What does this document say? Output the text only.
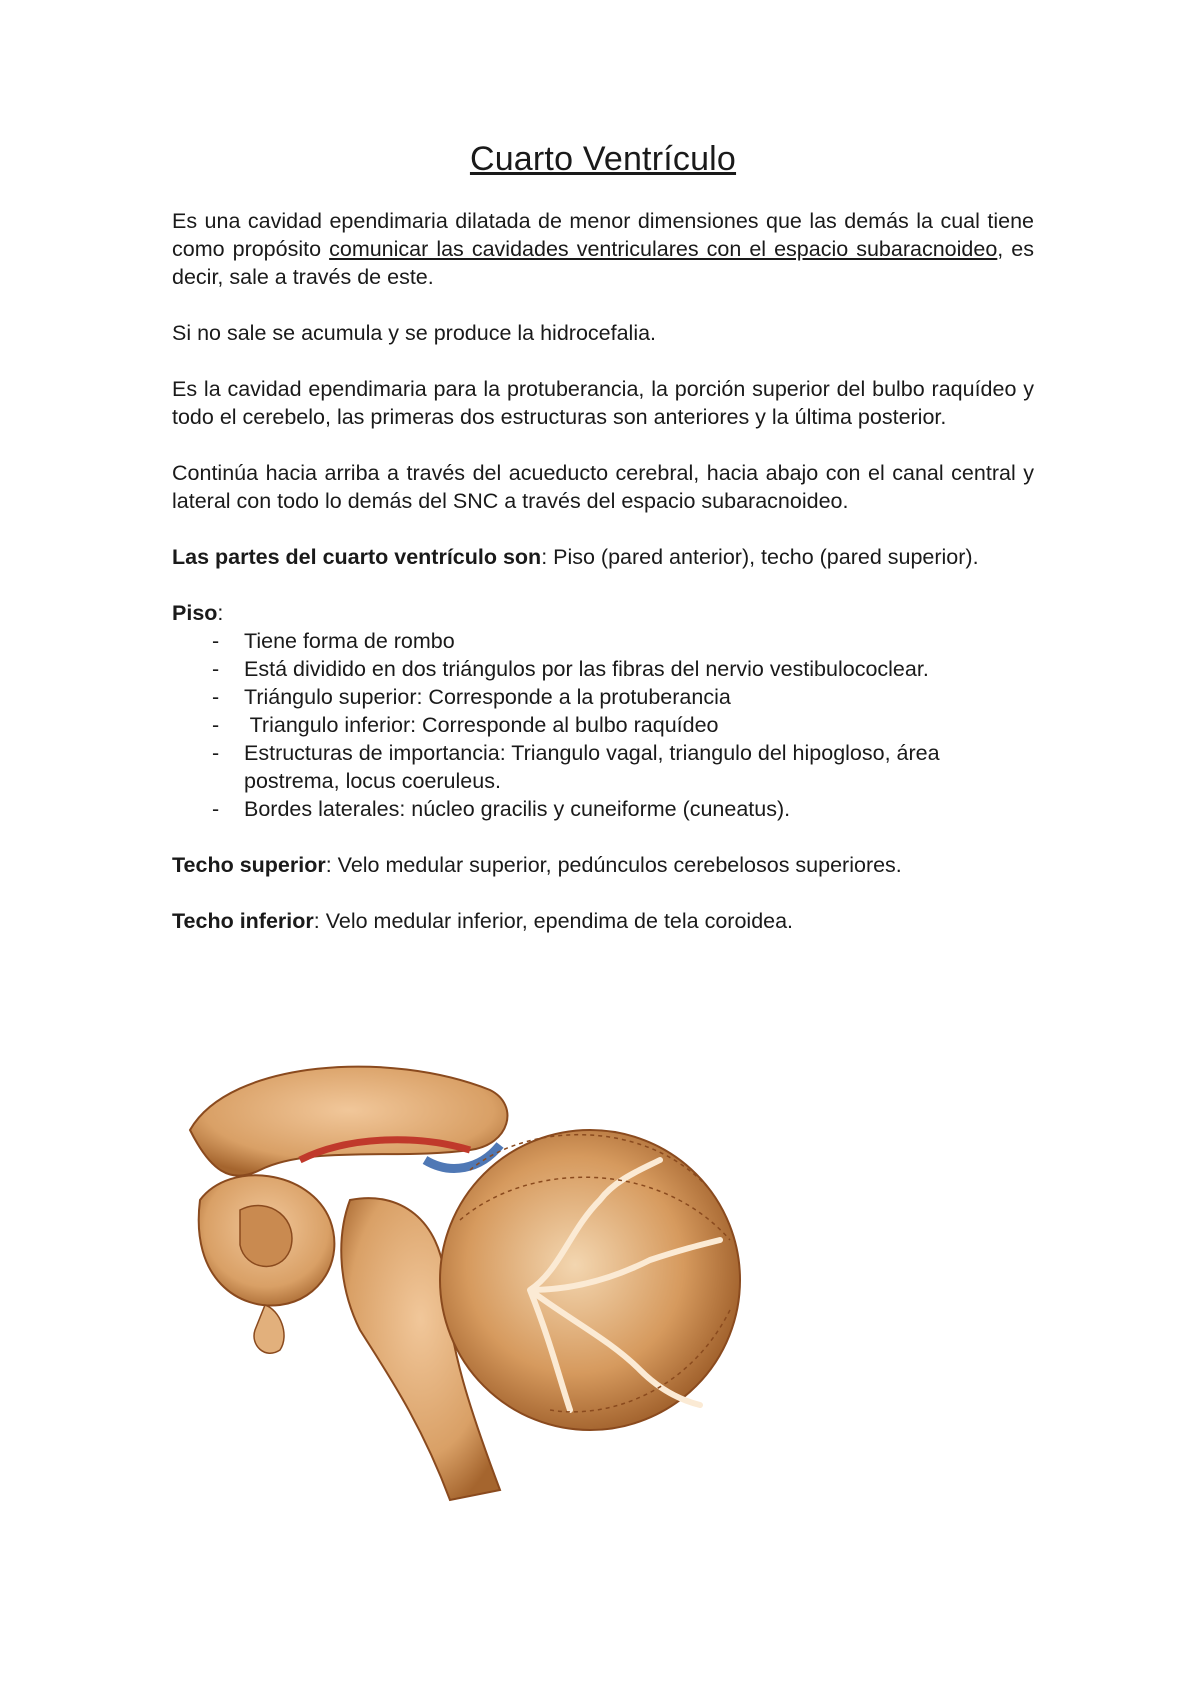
Cuarto Ventrículo

Es una cavidad ependimaria dilatada de menor dimensiones que las demás la cual tiene como propósito comunicar las cavidades ventriculares con el espacio subaracnoideo, es decir, sale a través de este.

Si no sale se acumula y se produce la hidrocefalia.

Es la cavidad ependimaria para la protuberancia, la porción superior del bulbo raquídeo y todo el cerebelo, las primeras dos estructuras son anteriores y la última posterior.

Continúa hacia arriba a través del acueducto cerebral, hacia abajo con el canal central y lateral con todo lo demás del SNC a través del espacio subaracnoideo.

Las partes del cuarto ventrículo son: Piso (pared anterior), techo (pared superior).

Piso:

- Tiene forma de rombo
- Está dividido en dos triángulos por las fibras del nervio vestibulococlear.
- Triángulo superior: Corresponde a la protuberancia
- Triangulo inferior: Corresponde al bulbo raquídeo
- Estructuras de importancia: Triangulo vagal, triangulo del hipogloso, área postrema, locus coeruleus.
- Bordes laterales: núcleo gracilis y cuneiforme (cuneatus).

Techo superior: Velo medular superior, pedúnculos cerebelosos superiores.

Techo inferior: Velo medular inferior, ependima de tela coroidea.
